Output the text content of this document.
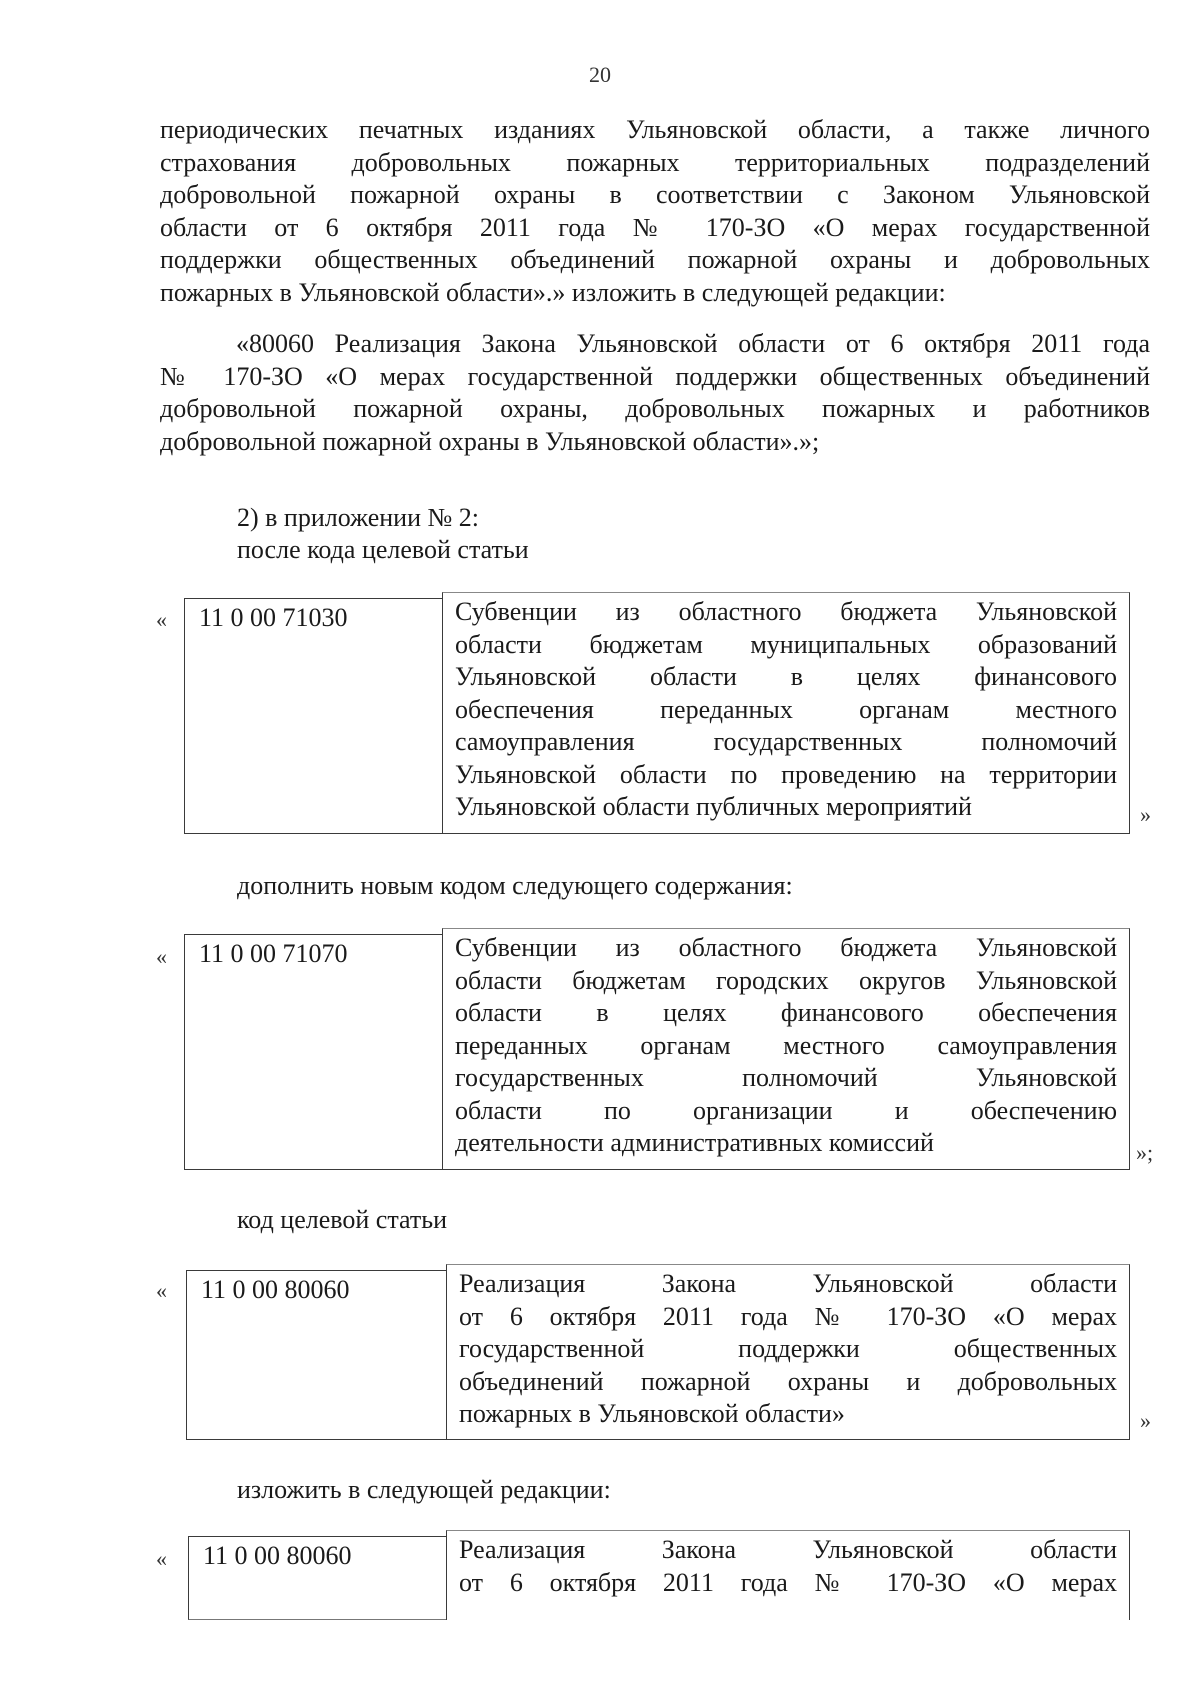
20
периодических печатных изданиях Ульяновской области, а также личного
страхования добровольных пожарных территориальных подразделений
добровольной пожарной охраны в соответствии с Законом Ульяновской
области от 6 октября 2011 года № 170-ЗО «О мерах государственной
поддержки общественных объединений пожарной охраны и добровольных
пожарных в Ульяновской области».» изложить в следующей редакции:
«80060 Реализация Закона Ульяновской области от 6 октября 2011 года
№ 170-ЗО «О мерах государственной поддержки общественных объединений
добровольной пожарной охраны, добровольных пожарных и работников
добровольной пожарной охраны в Ульяновской области».»;
2) в приложении № 2:
после кода целевой статьи
«	11 0 00 71030	Субвенции из областного бюджета Ульяновской
области бюджетам муниципальных образований
Ульяновской области в целях финансового
обеспечения переданных органам местного
самоуправления государственных полномочий
Ульяновской области по проведению на территории
Ульяновской области публичных мероприятий	»
дополнить новым кодом следующего содержания:
«	11 0 00 71070	Субвенции из областного бюджета Ульяновской
области бюджетам городских округов Ульяновской
области в целях финансового обеспечения
переданных органам местного самоуправления
государственных полномочий Ульяновской
области по организации и обеспечению
деятельности административных комиссий	»;
код целевой статьи
«	11 0 00 80060	Реализация Закона Ульяновской области
от 6 октября 2011 года № 170-ЗО «О мерах
государственной поддержки общественных
объединений пожарной охраны и добровольных
пожарных в Ульяновской области»	»
изложить в следующей редакции:
«	11 0 00 80060	Реализация Закона Ульяновской области
от 6 октября 2011 года № 170-ЗО «О мерах
